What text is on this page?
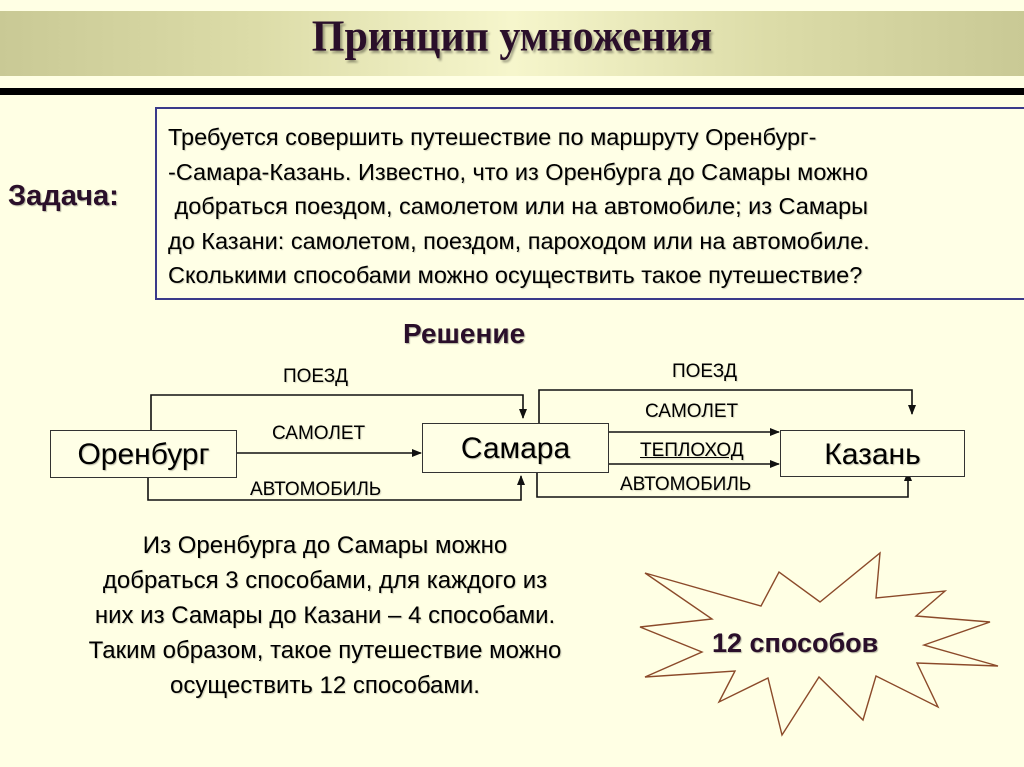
Принцип умножения
Задача:
Требуется совершить путешествие по маршруту Оренбург-
-Самара-Казань. Известно, что из Оренбурга до Самары можно
добраться поездом, самолетом или на автомобиле; из Самары
до Казани: самолетом, поездом, пароходом или на автомобиле.
Сколькими способами можно осуществить такое путешествие?
Решение
Оренбург	Самара	Казань
ПОЕЗД
САМОЛЕТ
АВТОМОБИЛЬ
ПОЕЗД
САМОЛЕТ
ТЕПЛОХОД
АВТОМОБИЛЬ
Из Оренбурга до Самары можно
добраться 3 способами, для каждого из
них из Самары до Казани – 4 способами.
Таким образом, такое путешествие можно
осуществить 12 способами.
12 способов
